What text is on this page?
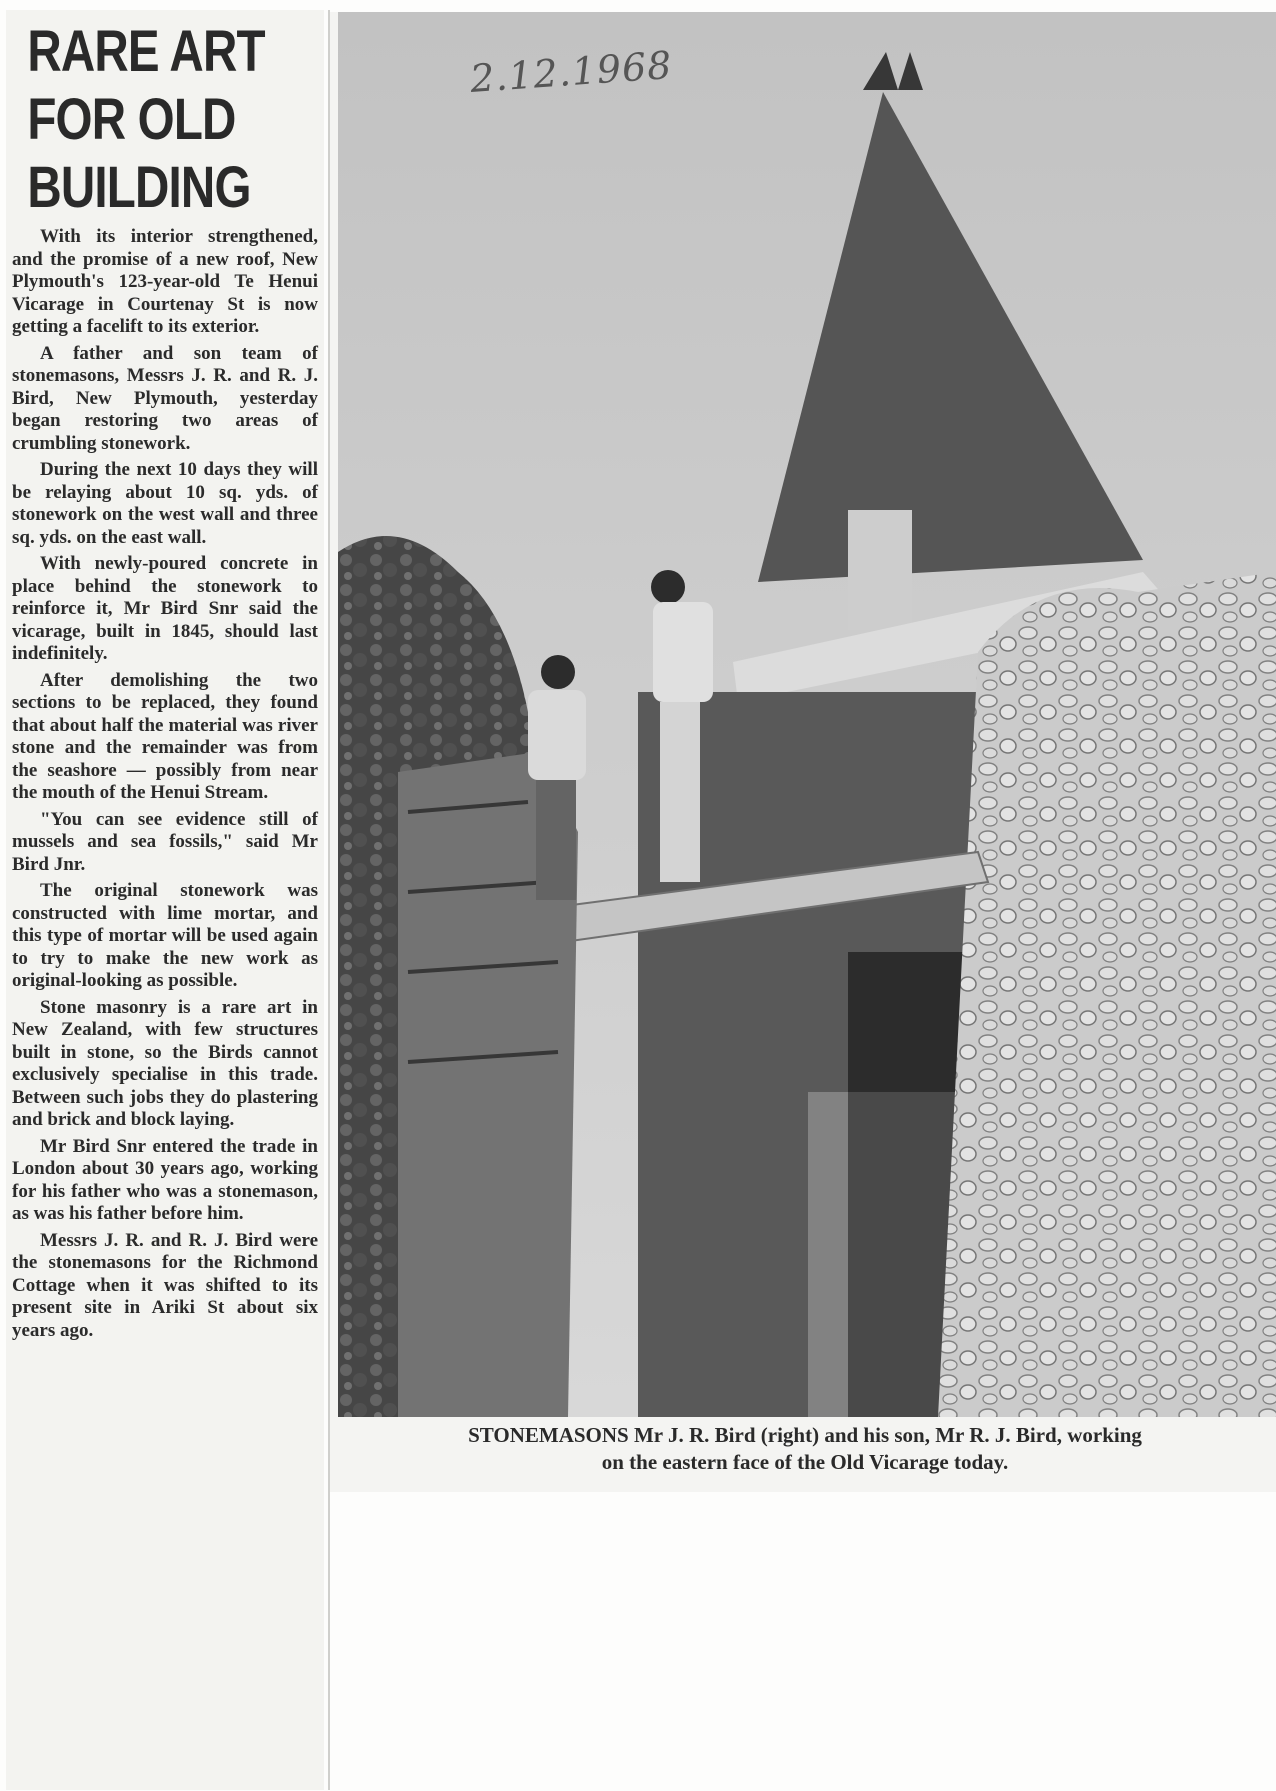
RARE ART
FOR OLD
BUILDING

With its interior strengthened, and the promise of a new roof, New Plymouth's 123-year-old Te Henui Vicarage in Courtenay St is now getting a facelift to its exterior.

A father and son team of stonemasons, Messrs J. R. and R. J. Bird, New Plymouth, yesterday began restoring two areas of crumbling stonework.

During the next 10 days they will be relaying about 10 sq. yds. of stonework on the west wall and three sq. yds. on the east wall.

With newly-poured concrete in place behind the stonework to reinforce it, Mr Bird Snr said the vicarage, built in 1845, should last indefinitely.

After demolishing the two sections to be replaced, they found that about half the material was river stone and the remainder was from the seashore — possibly from near the mouth of the Henui Stream.

"You can see evidence still of mussels and sea fossils," said Mr Bird Jnr.

The original stonework was constructed with lime mortar, and this type of mortar will be used again to try to make the new work as original-looking as possible.

Stone masonry is a rare art in New Zealand, with few structures built in stone, so the Birds cannot exclusively specialise in this trade. Between such jobs they do plastering and brick and block laying.

Mr Bird Snr entered the trade in London about 30 years ago, working for his father who was a stonemason, as was his father before him.

Messrs J. R. and R. J. Bird were the stonemasons for the Richmond Cottage when it was shifted to its present site in Ariki St about six years ago.

2.12.1968
STONEMASONS Mr J. R. Bird (right) and his son, Mr R. J. Bird, working
on the eastern face of the Old Vicarage today.
